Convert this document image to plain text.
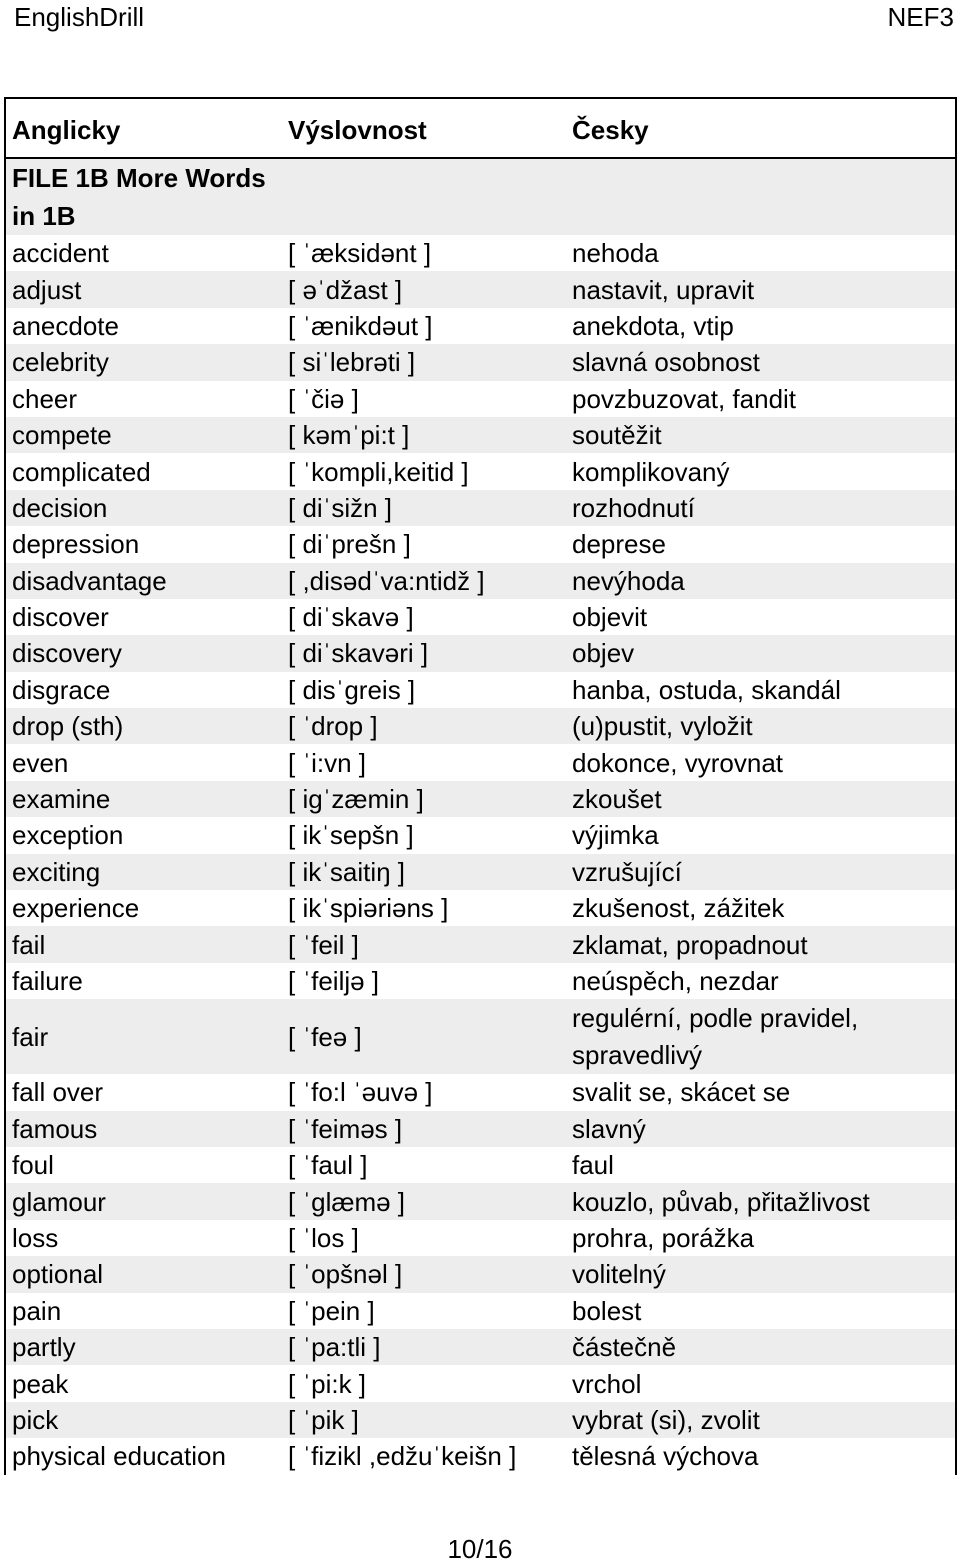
EnglishDrill	NEF3
Anglicky	Výslovnost	Česky
FILE 1B More Words in 1B		
accident	[ ˈæksidənt ]	nehoda
adjust	[ əˈdžast ]	nastavit, upravit
anecdote	[ ˈænikdəut ]	anekdota, vtip
celebrity	[ siˈlebrəti ]	slavná osobnost
cheer	[ ˈčiə ]	povzbuzovat, fandit
compete	[ kəmˈpi:t ]	soutěžit
complicated	[ ˈkompli,keitid ]	komplikovaný
decision	[ diˈsižn ]	rozhodnutí
depression	[ diˈprešn ]	deprese
disadvantage	[ ,disədˈva:ntidž ]	nevýhoda
discover	[ diˈskavə ]	objevit
discovery	[ diˈskavəri ]	objev
disgrace	[ disˈgreis ]	hanba, ostuda, skandál
drop (sth)	[ ˈdrop ]	(u)pustit, vyložit
even	[ ˈi:vn ]	dokonce, vyrovnat
examine	[ igˈzæmin ]	zkoušet
exception	[ ikˈsepšn ]	výjimka
exciting	[ ikˈsaitiŋ ]	vzrušující
experience	[ ikˈspiəriəns ]	zkušenost, zážitek
fail	[ ˈfeil ]	zklamat, propadnout
failure	[ ˈfeiljə ]	neúspěch, nezdar
fair	[ ˈfeə ]	regulérní, podle pravidel, spravedlivý
fall over	[ ˈfo:l ˈəuvə ]	svalit se, skácet se
famous	[ ˈfeiməs ]	slavný
foul	[ ˈfaul ]	faul
glamour	[ ˈglæmə ]	kouzlo, půvab, přitažlivost
loss	[ ˈlos ]	prohra, porážka
optional	[ ˈopšnəl ]	volitelný
pain	[ ˈpein ]	bolest
partly	[ ˈpa:tli ]	částečně
peak	[ ˈpi:k ]	vrchol
pick	[ ˈpik ]	vybrat (si), zvolit
physical education	[ ˈfizikl ,edžuˈkeišn ]	tělesná výchova
10/16
